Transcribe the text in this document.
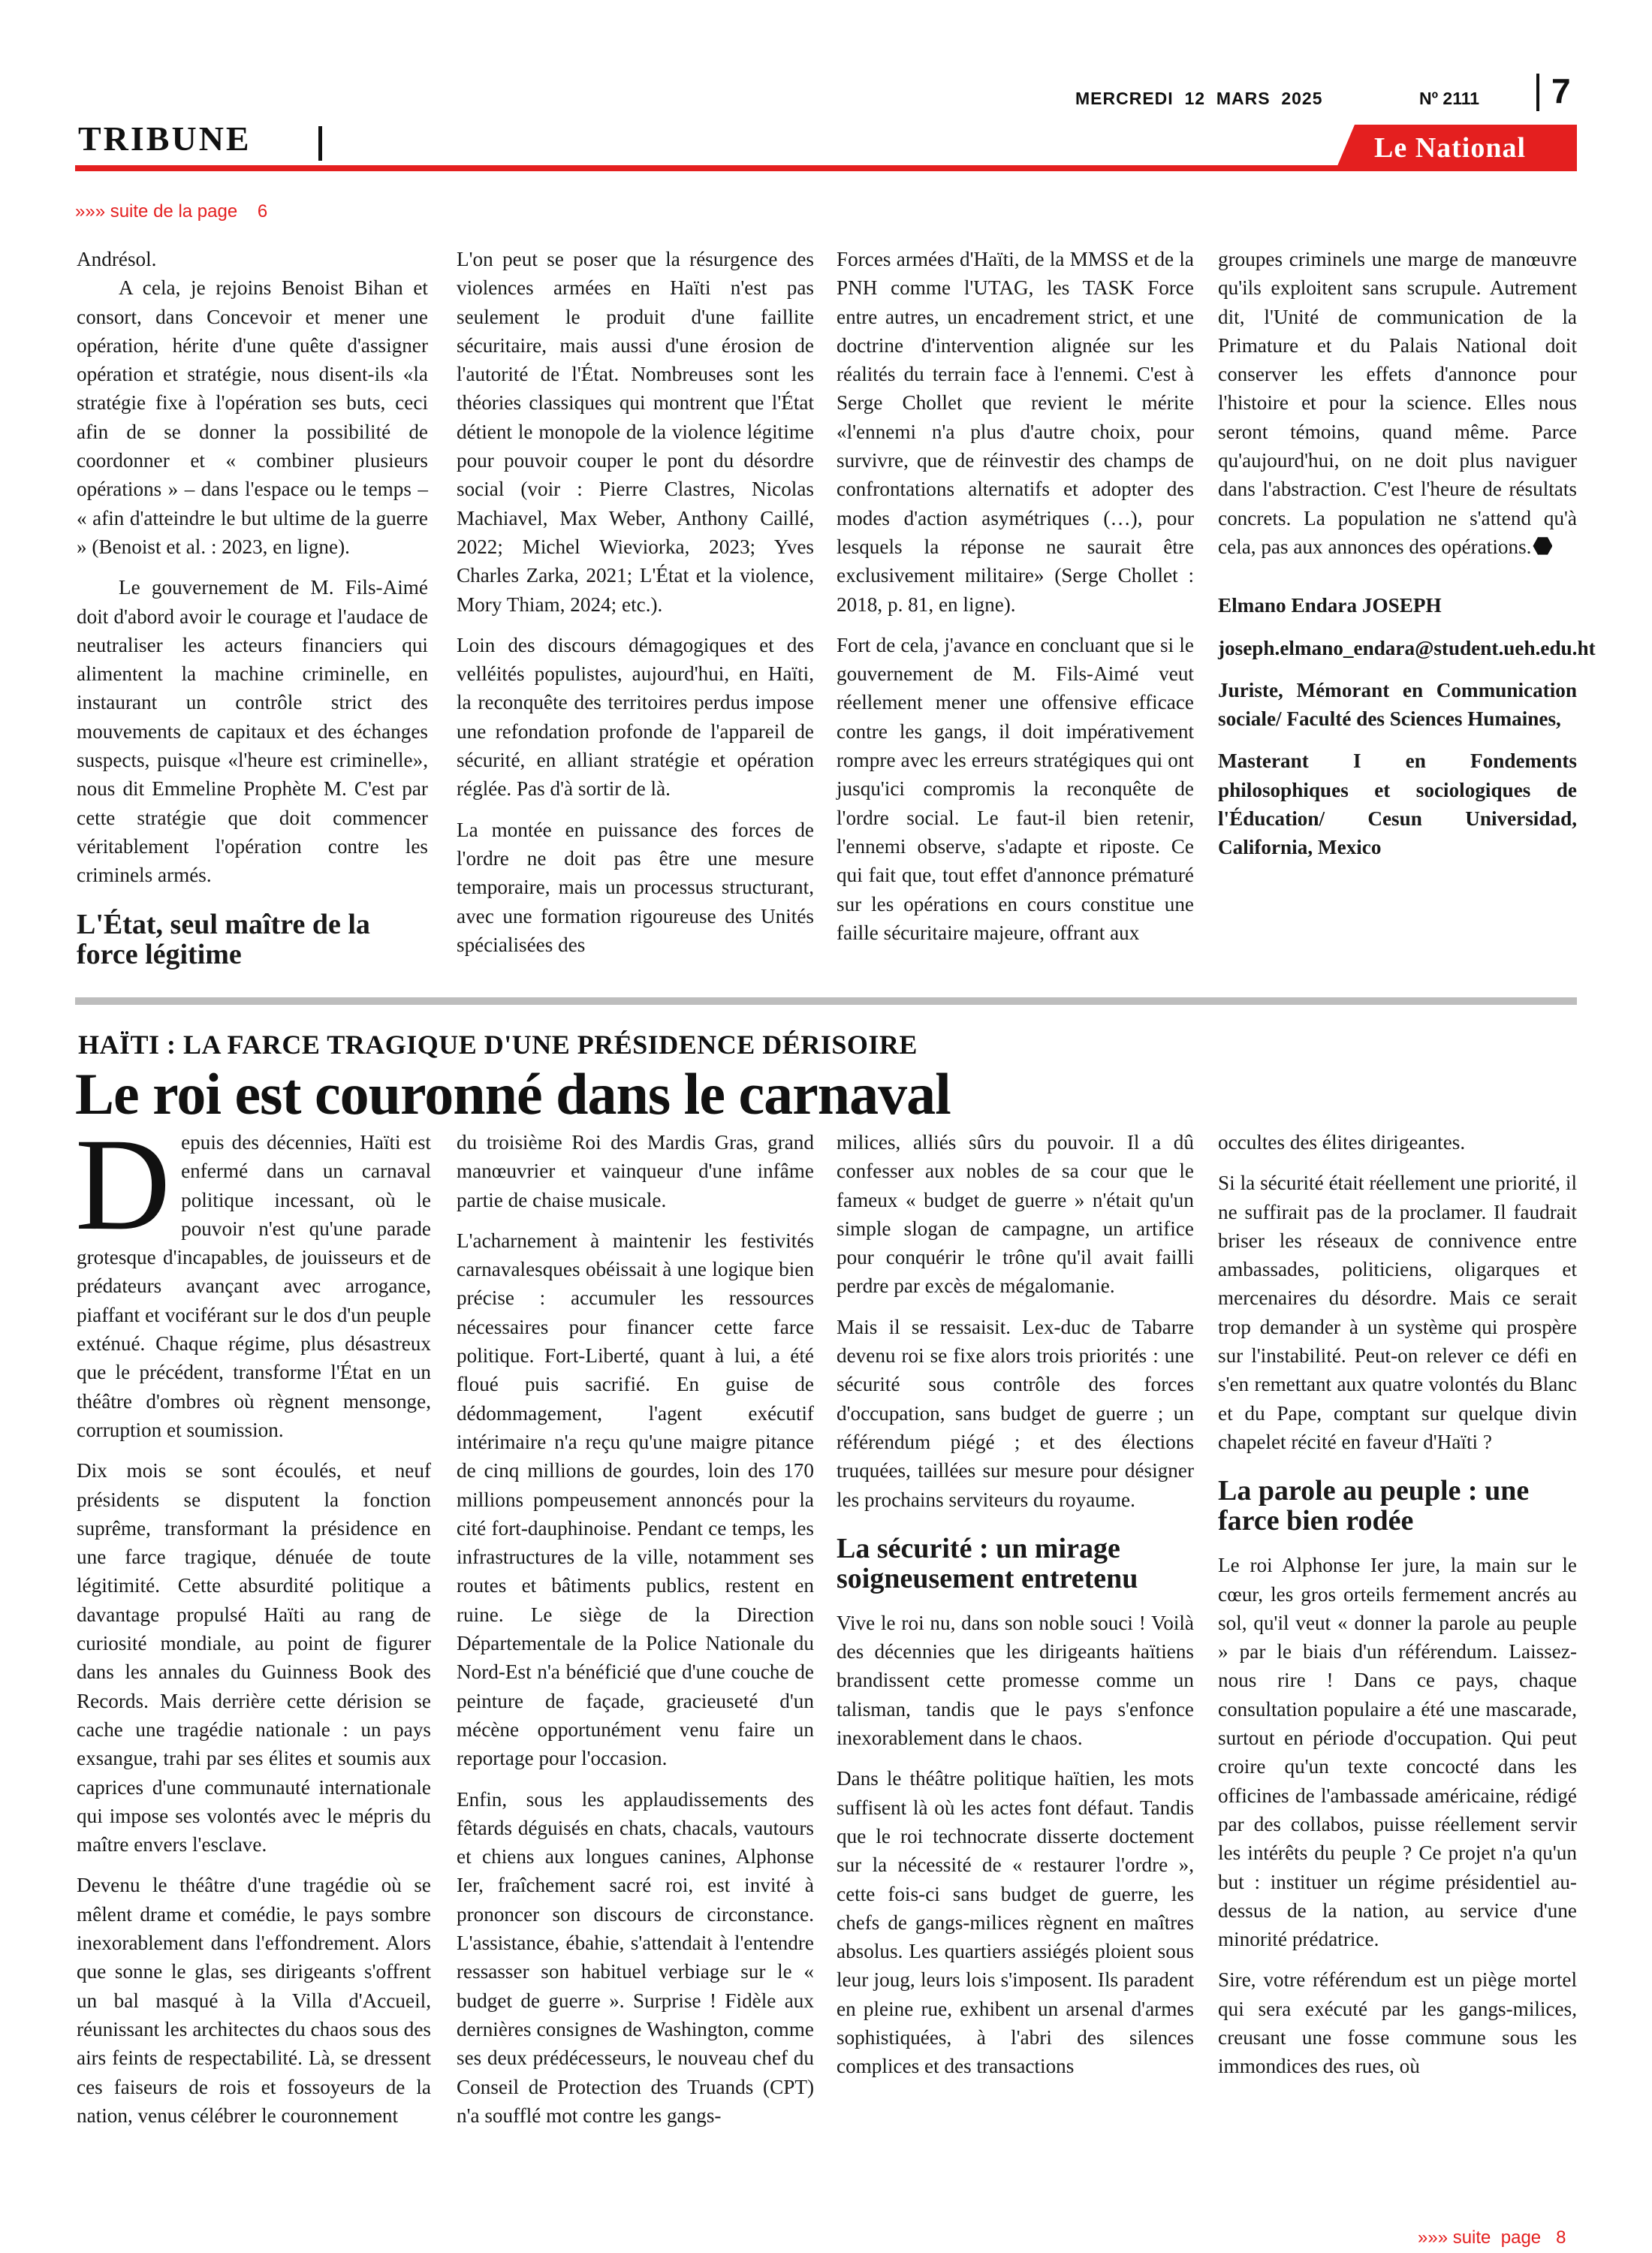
TRIBUNE
MERCREDI  12  MARS  2025	Nº 2111 7
Le National
»»» suite de la page    6

Andrésol.

A cela, je rejoins Benoist Bihan et consort, dans Concevoir et mener une opération, hérite d'une quête d'assigner opération et stratégie, nous disent-ils «la stratégie fixe à l'opération ses buts, ceci afin de se donner la possibilité de coordonner et « combiner plusieurs opérations » – dans l'espace ou le temps – « afin d'atteindre le but ultime de la guerre » (Benoist et al. : 2023, en ligne).

Le gouvernement de M. Fils-Aimé doit d'abord avoir le courage et l'audace de neutraliser les acteurs financiers qui alimentent la machine criminelle, en instaurant un contrôle strict des mouvements de capitaux et des échanges suspects, puisque «l'heure est criminelle», nous dit Emmeline Prophète M. C'est par cette stratégie que doit commencer véritablement l'opération contre les criminels armés.

L'État, seul maître de la force légitime

L'on peut se poser que la résurgence des violences armées en Haïti n'est pas seulement le produit d'une faillite sécuritaire, mais aussi d'une érosion de l'autorité de l'État. Nombreuses sont les théories classiques qui montrent que l'État détient le monopole de la violence légitime pour pouvoir couper le pont du désordre social (voir : Pierre Clastres, Nicolas Machiavel, Max Weber, Anthony Caillé, 2022; Michel Wieviorka, 2023; Yves Charles Zarka, 2021; L'État et la violence, Mory Thiam, 2024; etc.).

Loin des discours démagogiques et des velléités populistes, aujourd'hui, en Haïti, la reconquête des territoires perdus impose une refondation profonde de l'appareil de sécurité, en alliant stratégie et opération réglée. Pas d'à sortir de là.

La montée en puissance des forces de l'ordre ne doit pas être une mesure temporaire, mais un processus structurant, avec une formation rigoureuse des Unités spécialisées des

Forces armées d'Haïti, de la MMSS et de la PNH comme l'UTAG, les TASK Force entre autres, un encadrement strict, et une doctrine d'intervention alignée sur les réalités du terrain face à l'ennemi. C'est à Serge Chollet que revient le mérite «l'ennemi n'a plus d'autre choix, pour survivre, que de réinvestir des champs de confrontations alternatifs et adopter des modes d'action asymétriques (…), pour lesquels la réponse ne saurait être exclusivement militaire» (Serge Chollet : 2018, p. 81, en ligne).

Fort de cela, j'avance en concluant que si le gouvernement de M. Fils-Aimé veut réellement mener une offensive efficace contre les gangs, il doit impérativement rompre avec les erreurs stratégiques qui ont jusqu'ici compromis la reconquête de l'ordre social. Le faut-il bien retenir, l'ennemi observe, s'adapte et riposte. Ce qui fait que, tout effet d'annonce prématuré sur les opérations en cours constitue une faille sécuritaire majeure, offrant aux

groupes criminels une marge de manœuvre qu'ils exploitent sans scrupule. Autrement dit, l'Unité de communication de la Primature et du Palais National doit conserver les effets d'annonce pour l'histoire et pour la science. Elles nous seront témoins, quand même. Parce qu'aujourd'hui, on ne doit plus naviguer dans l'abstraction. C'est l'heure de résultats concrets. La population ne s'attend qu'à cela, pas aux annonces des opérations.

Elmano Endara JOSEPH

joseph.elmano_endara@student.ueh.edu.ht

Juriste, Mémorant en Communication sociale/ Faculté des Sciences Humaines,

Masterant I en Fondements philosophiques et sociologiques de l'Éducation/ Cesun Universidad, California, Mexico

HAÏTI : LA FARCE TRAGIQUE D'UNE PRÉSIDENCE DÉRISOIRE
Le roi est couronné dans le carnaval

Depuis des décennies, Haïti est enfermé dans un carnaval politique incessant, où le pouvoir n'est qu'une parade grotesque d'incapables, de jouisseurs et de prédateurs avançant avec arrogance, piaffant et vociférant sur le dos d'un peuple exténué. Chaque régime, plus désastreux que le précédent, transforme l'État en un théâtre d'ombres où règnent mensonge, corruption et soumission.

Dix mois se sont écoulés, et neuf présidents se disputent la fonction suprême, transformant la présidence en une farce tragique, dénuée de toute légitimité. Cette absurdité politique a davantage propulsé Haïti au rang de curiosité mondiale, au point de figurer dans les annales du Guinness Book des Records. Mais derrière cette dérision se cache une tragédie nationale : un pays exsangue, trahi par ses élites et soumis aux caprices d'une communauté internationale qui impose ses volontés avec le mépris du maître envers l'esclave.

Devenu le théâtre d'une tragédie où se mêlent drame et comédie, le pays sombre inexorablement dans l'effondrement. Alors que sonne le glas, ses dirigeants s'offrent un bal masqué à la Villa d'Accueil, réunissant les architectes du chaos sous des airs feints de respectabilité. Là, se dressent ces faiseurs de rois et fossoyeurs de la nation, venus célébrer le couronnement

du troisième Roi des Mardis Gras, grand manœuvrier et vainqueur d'une infâme partie de chaise musicale.

L'acharnement à maintenir les festivités carnavalesques obéissait à une logique bien précise : accumuler les ressources nécessaires pour financer cette farce politique. Fort-Liberté, quant à lui, a été floué puis sacrifié. En guise de dédommagement, l'agent exécutif intérimaire n'a reçu qu'une maigre pitance de cinq millions de gourdes, loin des 170 millions pompeusement annoncés pour la cité fort-dauphinoise. Pendant ce temps, les infrastructures de la ville, notamment ses routes et bâtiments publics, restent en ruine. Le siège de la Direction Départementale de la Police Nationale du Nord-Est n'a bénéficié que d'une couche de peinture de façade, gracieuseté d'un mécène opportunément venu faire un reportage pour l'occasion.

Enfin, sous les applaudissements des fêtards déguisés en chats, chacals, vautours et chiens aux longues canines, Alphonse Ier, fraîchement sacré roi, est invité à prononcer son discours de circonstance. L'assistance, ébahie, s'attendait à l'entendre ressasser son habituel verbiage sur le « budget de guerre ». Surprise ! Fidèle aux dernières consignes de Washington, comme ses deux prédécesseurs, le nouveau chef du Conseil de Protection des Truands (CPT) n'a soufflé mot contre les gangs-

milices, alliés sûrs du pouvoir. Il a dû confesser aux nobles de sa cour que le fameux « budget de guerre » n'était qu'un simple slogan de campagne, un artifice pour conquérir le trône qu'il avait failli perdre par excès de mégalomanie.

Mais il se ressaisit. Lex-duc de Tabarre devenu roi se fixe alors trois priorités : une sécurité sous contrôle des forces d'occupation, sans budget de guerre ; un référendum piégé ; et des élections truquées, taillées sur mesure pour désigner les prochains serviteurs du royaume.

La sécurité : un mirage soigneusement entretenu

Vive le roi nu, dans son noble souci ! Voilà des décennies que les dirigeants haïtiens brandissent cette promesse comme un talisman, tandis que le pays s'enfonce inexorablement dans le chaos.

Dans le théâtre politique haïtien, les mots suffisent là où les actes font défaut. Tandis que le roi technocrate disserte doctement sur la nécessité de « restaurer l'ordre », cette fois-ci sans budget de guerre, les chefs de gangs-milices règnent en maîtres absolus. Les quartiers assiégés ploient sous leur joug, leurs lois s'imposent. Ils paradent en pleine rue, exhibent un arsenal d'armes sophistiquées, à l'abri des silences complices et des transactions

occultes des élites dirigeantes.

Si la sécurité était réellement une priorité, il ne suffirait pas de la proclamer. Il faudrait briser les réseaux de connivence entre ambassades, politiciens, oligarques et mercenaires du désordre. Mais ce serait trop demander à un système qui prospère sur l'instabilité. Peut-on relever ce défi en s'en remettant aux quatre volontés du Blanc et du Pape, comptant sur quelque divin chapelet récité en faveur d'Haïti ?

La parole au peuple : une farce bien rodée

Le roi Alphonse Ier jure, la main sur le cœur, les gros orteils fermement ancrés au sol, qu'il veut « donner la parole au peuple » par le biais d'un référendum. Laissez-nous rire ! Dans ce pays, chaque consultation populaire a été une mascarade, surtout en période d'occupation. Qui peut croire qu'un texte concocté dans les officines de l'ambassade américaine, rédigé par des collabos, puisse réellement servir les intérêts du peuple ? Ce projet n'a qu'un but : instituer un régime présidentiel au-dessus de la nation, au service d'une minorité prédatrice.

Sire, votre référendum est un piège mortel qui sera exécuté par les gangs-milices, creusant une fosse commune sous les immondices des rues, où

»»» suite  page   8
